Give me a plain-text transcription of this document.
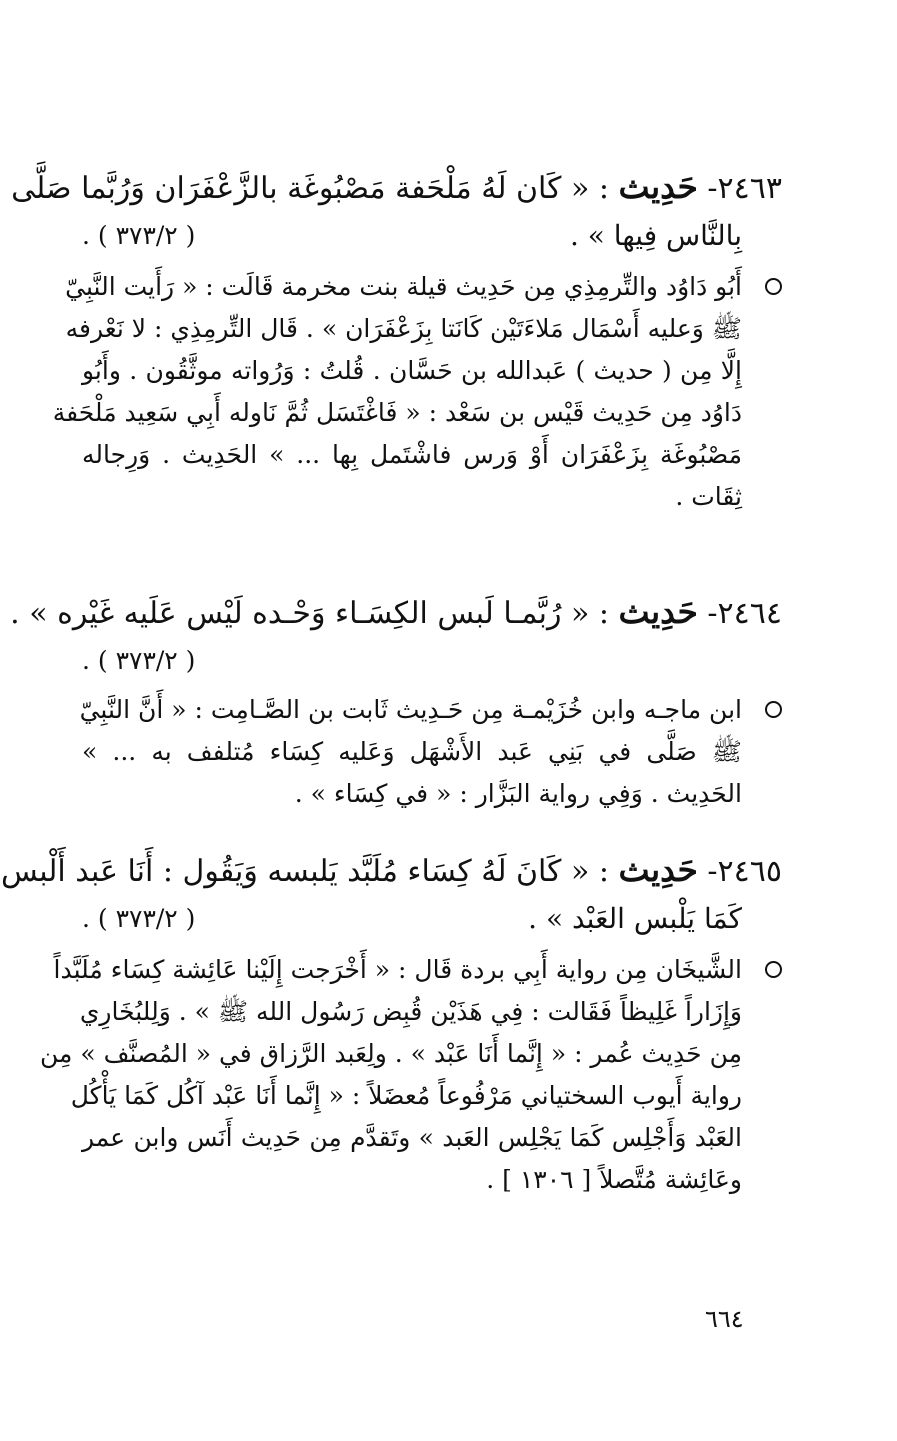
٢٤٦٣- حَدِيث : « كَان لَهُ مَلْحَفة مَصْبُوغَة بالزَّعْفَرَان وَرُبَّما صَلَّى

بِالنَّاس فِيها » .
( ٣٧٣/٢ ) .

أَبُو دَاوُد والتِّرمِذِي مِن حَدِيث قيلة بنت مخرمة قَالَت : « رَأَيت النَّبِيّ

ﷺ وَعليه أَسْمَال مَلاءَتَيْن كَانَتا بِزَعْفَرَان » . قَال التِّرمِذِي : لا نَعْرفه

إِلَّا مِن ( حديث ) عَبدالله بن حَسَّان . قُلتُ : وَرُواته موثَّقُون . وأَبُو

دَاوُد مِن حَدِيث قَيْس بن سَعْد : « فَاغْتَسَل ثُمَّ نَاوله أَبِي سَعِيد مَلْحَفة

مَصْبُوغَة بِزَعْفَرَان أَوْ وَرس فاشْتَمل بِها ... » الحَدِيث . وَرِجاله

ثِقَات .

٢٤٦٤- حَدِيث : « رُبَّمـا لَبس الكِسَـاء وَحْـده لَيْس عَلَيه غَيْره » .

( ٣٧٣/٢ ) .

ابن ماجـه وابن خُزَيْمـة مِن حَـدِيث ثَابت بن الصَّـامِت : « أَنَّ النَّبِيّ

ﷺ صَلَّى في بَنِي عَبد الأَشْهَل وَعَليه كِسَاء مُتلفف به ... »

الحَدِيث . وَفِي رواية البَزَّار : « في كِسَاء » .

٢٤٦٥- حَدِيث : « كَانَ لَهُ كِسَاء مُلَبَّد يَلبسه وَيَقُول : أَنَا عَبد أَلْبس

كَمَا يَلْبس العَبْد » .
( ٣٧٣/٢ ) .

الشَّيخَان مِن رواية أَبِي بردة قَال : « أَخْرَجت إِلَيْنا عَائِشة كِسَاء مُلَبَّداً

وَإِزَاراً غَلِيظاً فَقَالت : فِي هَذَيْن قُبِض رَسُول الله ﷺ » . وَلِلبُخَارِي

مِن حَدِيث عُمر : « إِنَّما أَنَا عَبْد » . ولِعَبد الرَّزاق في « المُصنَّف » مِن

رواية أَيوب السختياني مَرْفُوعاً مُعضَلاً : « إِنَّما أَنَا عَبْد آكُل كَمَا يَأْكُل

العَبْد وَأَجْلِس كَمَا يَجْلِس العَبد » وتَقدَّم مِن حَدِيث أَنَس وابن عمر

وعَائِشة مُتَّصلاً [ ١٣٠٦ ] .

٦٦٤
